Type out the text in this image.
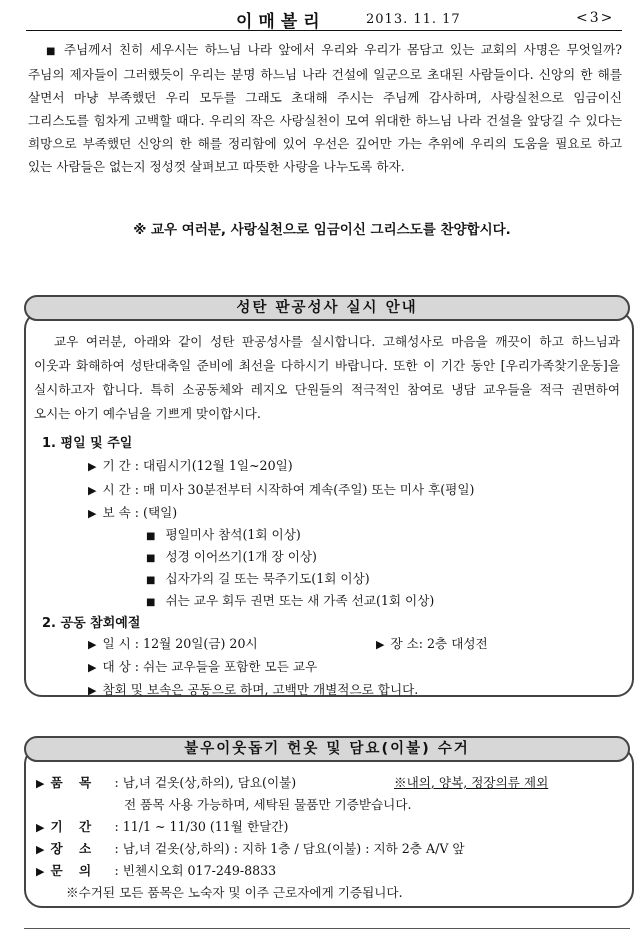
이매볼리	2013. 11. 17	<3>
■ 주님께서 친히 세우시는 하느님 나라 앞에서 우리와 우리가 몸담고 있는 교회의 사명은 무엇일까? 주님의 제자들이 그러했듯이 우리는 분명 하느님 나라 건설에 일군으로 초대된 사람들이다. 신앙의 한 해를 살면서 마냥 부족했던 우리 모두를 그래도 초대해 주시는 주님께 감사하며, 사랑실천으로 임금이신 그리스도를 힘차게 고백할 때다. 우리의 작은 사랑실천이 모여 위대한 하느님 나라 건설을 앞당길 수 있다는 희망으로 부족했던 신앙의 한 해를 정리함에 있어 우선은 깊어만 가는 추위에 우리의 도움을 필요로 하고 있는 사람들은 없는지 정성껏 살펴보고 따뜻한 사랑을 나누도록 하자.
※ 교우 여러분, 사랑실천으로 임금이신 그리스도를 찬양합시다.
성탄 판공성사 실시 안내
교우 여러분, 아래와 같이 성탄 판공성사를 실시합니다. 고해성사로 마음을 깨끗이 하고 하느님과 이웃과 화해하여 성탄대축일 준비에 최선을 다하시기 바랍니다. 또한 이 기간 동안 [우리가족찾기운동]을 실시하고자 합니다. 특히 소공동체와 레지오 단원들의 적극적인 참여로 냉담 교우들을 적극 권면하여 오시는 아기 예수님을 기쁘게 맞이합시다.
1. 평일 및 주일
▶ 기 간 : 대림시기(12월 1일~20일)
▶ 시 간 : 매 미사 30분전부터 시작하여 계속(주일) 또는 미사 후(평일)
▶ 보 속 : (택일)
■ 평일미사 참석(1회 이상)
■ 성경 이어쓰기(1개 장 이상)
■ 십자가의 길 또는 묵주기도(1회 이상)
■ 쉬는 교우 회두 권면 또는 새 가족 선교(1회 이상)
2. 공동 참회예절
▶ 일 시 : 12월 20일(금) 20시	▶ 장 소: 2층 대성전
▶ 대 상 : 쉬는 교우들을 포함한 모든 교우
▶ 참회 및 보속은 공동으로 하며, 고백만 개별적으로 합니다.
불우이웃돕기 헌옷 및 담요(이불) 수거
▶ 품 목 : 남,녀 겉옷(상,하의), 담요(이불)	※내의, 양복, 정장의류 제외
전 품목 사용 가능하며, 세탁된 물품만 기증받습니다.
▶ 기 간 : 11/1 ~ 11/30 (11월 한달간)
▶ 장 소 : 남,녀 겉옷(상,하의) : 지하 1층 / 담요(이불) : 지하 2층 A/V 앞
▶ 문 의 : 빈첸시오회 017-249-8833
※수거된 모든 품목은 노숙자 및 이주 근로자에게 기증됩니다.
